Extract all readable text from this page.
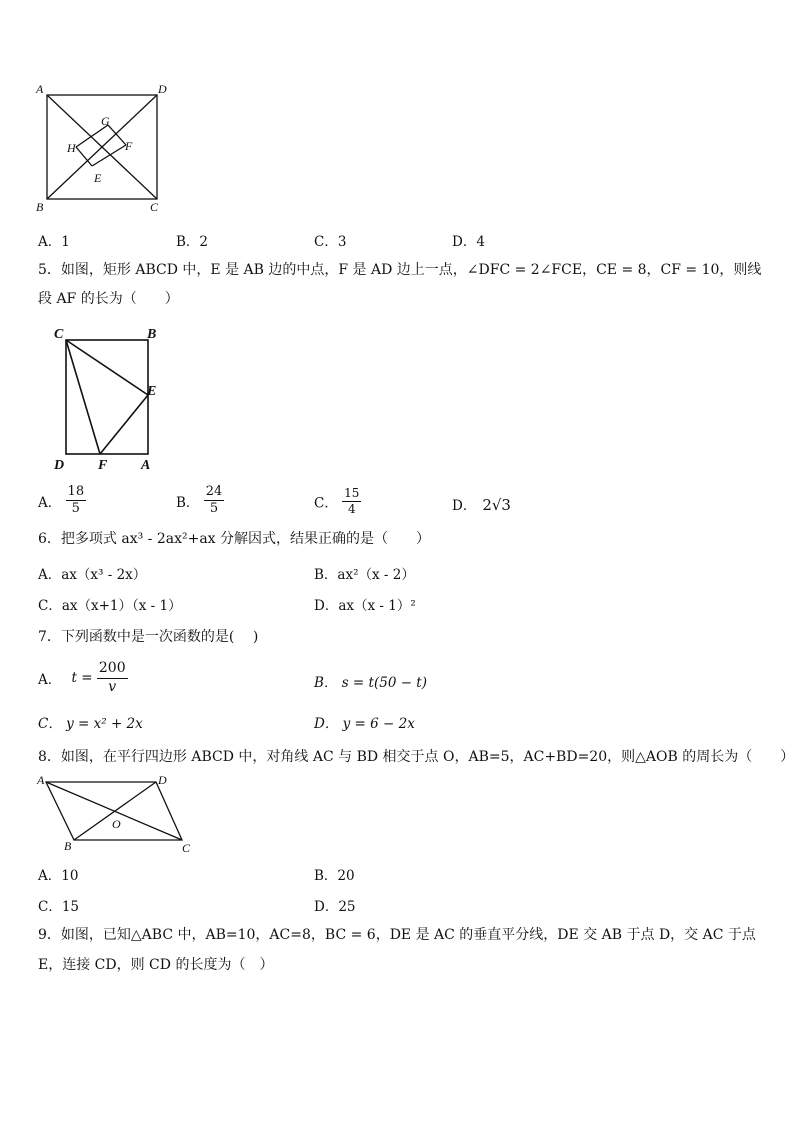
A	D
G
H	F
E
B	C
A．1	B．2	C．3	D．4
5．如图，矩形 ABCD 中，E 是 AB 边的中点，F 是 AD 边上一点，∠DFC = 2∠FCE，CE = 8，CF = 10，则线
段 AF 的长为（　　）
C	B
E
D F A
A． $\frac{18}{5}$	B． $\frac{24}{5}$	C． $\frac{15}{4}$	D． 2√3
6．把多项式 ax³ - 2ax²+ax 分解因式，结果正确的是（　　）
A．ax（x³ - 2x）	B．ax²（x - 2）
C．ax（x+1）（x - 1）	D．ax（x - 1）²
7．下列函数中是一次函数的是(　 )
A． $t = \frac{200}{v}$	B． s = t(50 − t)
C． y = x² + 2x	D． y = 6 − 2x
8．如图，在平行四边形 ABCD 中，对角线 AC 与 BD 相交于点 O，AB=5，AC+BD=20，则△AOB 的周长为（　　）
A	D
O
B	C
A．10	B．20
C．15	D．25
9．如图，已知△ABC 中，AB=10，AC=8，BC = 6，DE 是 AC 的垂直平分线，DE 交 AB 于点 D，交 AC 于点
E，连接 CD，则 CD 的长度为（　）
